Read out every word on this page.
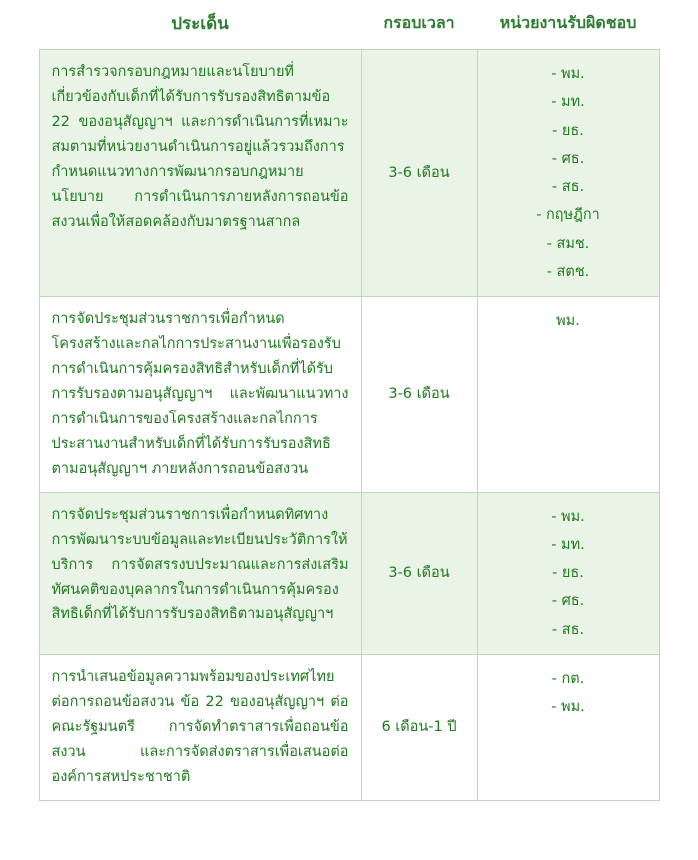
ประเด็น	กรอบเวลา	หน่วยงานรับผิดชอบ
การสำรวจกรอบกฎหมายและนโยบายที่เกี่ยวข้องกับเด็กที่ได้รับการรับรองสิทธิตามข้อ 22 ของอนุสัญญาฯ และการดำเนินการที่เหมาะสมตามที่หน่วยงานดำเนินการอยู่แล้วรวมถึงการกำหนดแนวทางการพัฒนากรอบกฎหมายนโยบาย การดำเนินการภายหลังการถอนข้อสงวนเพื่อให้สอดคล้องกับมาตรฐานสากล	3-6 เดือน	
- พม.
- มท.
- ยธ.
- ศธ.
- สธ.
- กฤษฎีกา
- สมช.
- สตช.

การจัดประชุมส่วนราชการเพื่อกำหนดโครงสร้างและกลไกการประสานงานเพื่อรองรับการดำเนินการคุ้มครองสิทธิสำหรับเด็กที่ได้รับการรับรองตามอนุสัญญาฯ และพัฒนาแนวทางการดำเนินการของโครงสร้างและกลไกการประสานงานสำหรับเด็กที่ได้รับการรับรองสิทธิตามอนุสัญญาฯ ภายหลังการถอนข้อสงวน	3-6 เดือน	พม.

การจัดประชุมส่วนราชการเพื่อกำหนดทิศทางการพัฒนาระบบข้อมูลและทะเบียนประวัติการให้บริการ การจัดสรรงบประมาณและการส่งเสริมทัศนคติของบุคลากรในการดำเนินการคุ้มครองสิทธิเด็กที่ได้รับการรับรองสิทธิตามอนุสัญญาฯ	3-6 เดือน	- พม.
- มท.
- ยธ.
- ศธ.
- สธ.

การนำเสนอข้อมูลความพร้อมของประเทศไทยต่อการถอนข้อสงวน ข้อ 22 ของอนุสัญญาฯ ต่อคณะรัฐมนตรี การจัดทำตราสารเพื่อถอนข้อสงวน และการจัดส่งตราสารเพื่อเสนอต่อองค์การสหประชาชาติ	6 เดือน-1 ปี	- กต.
- พม.
